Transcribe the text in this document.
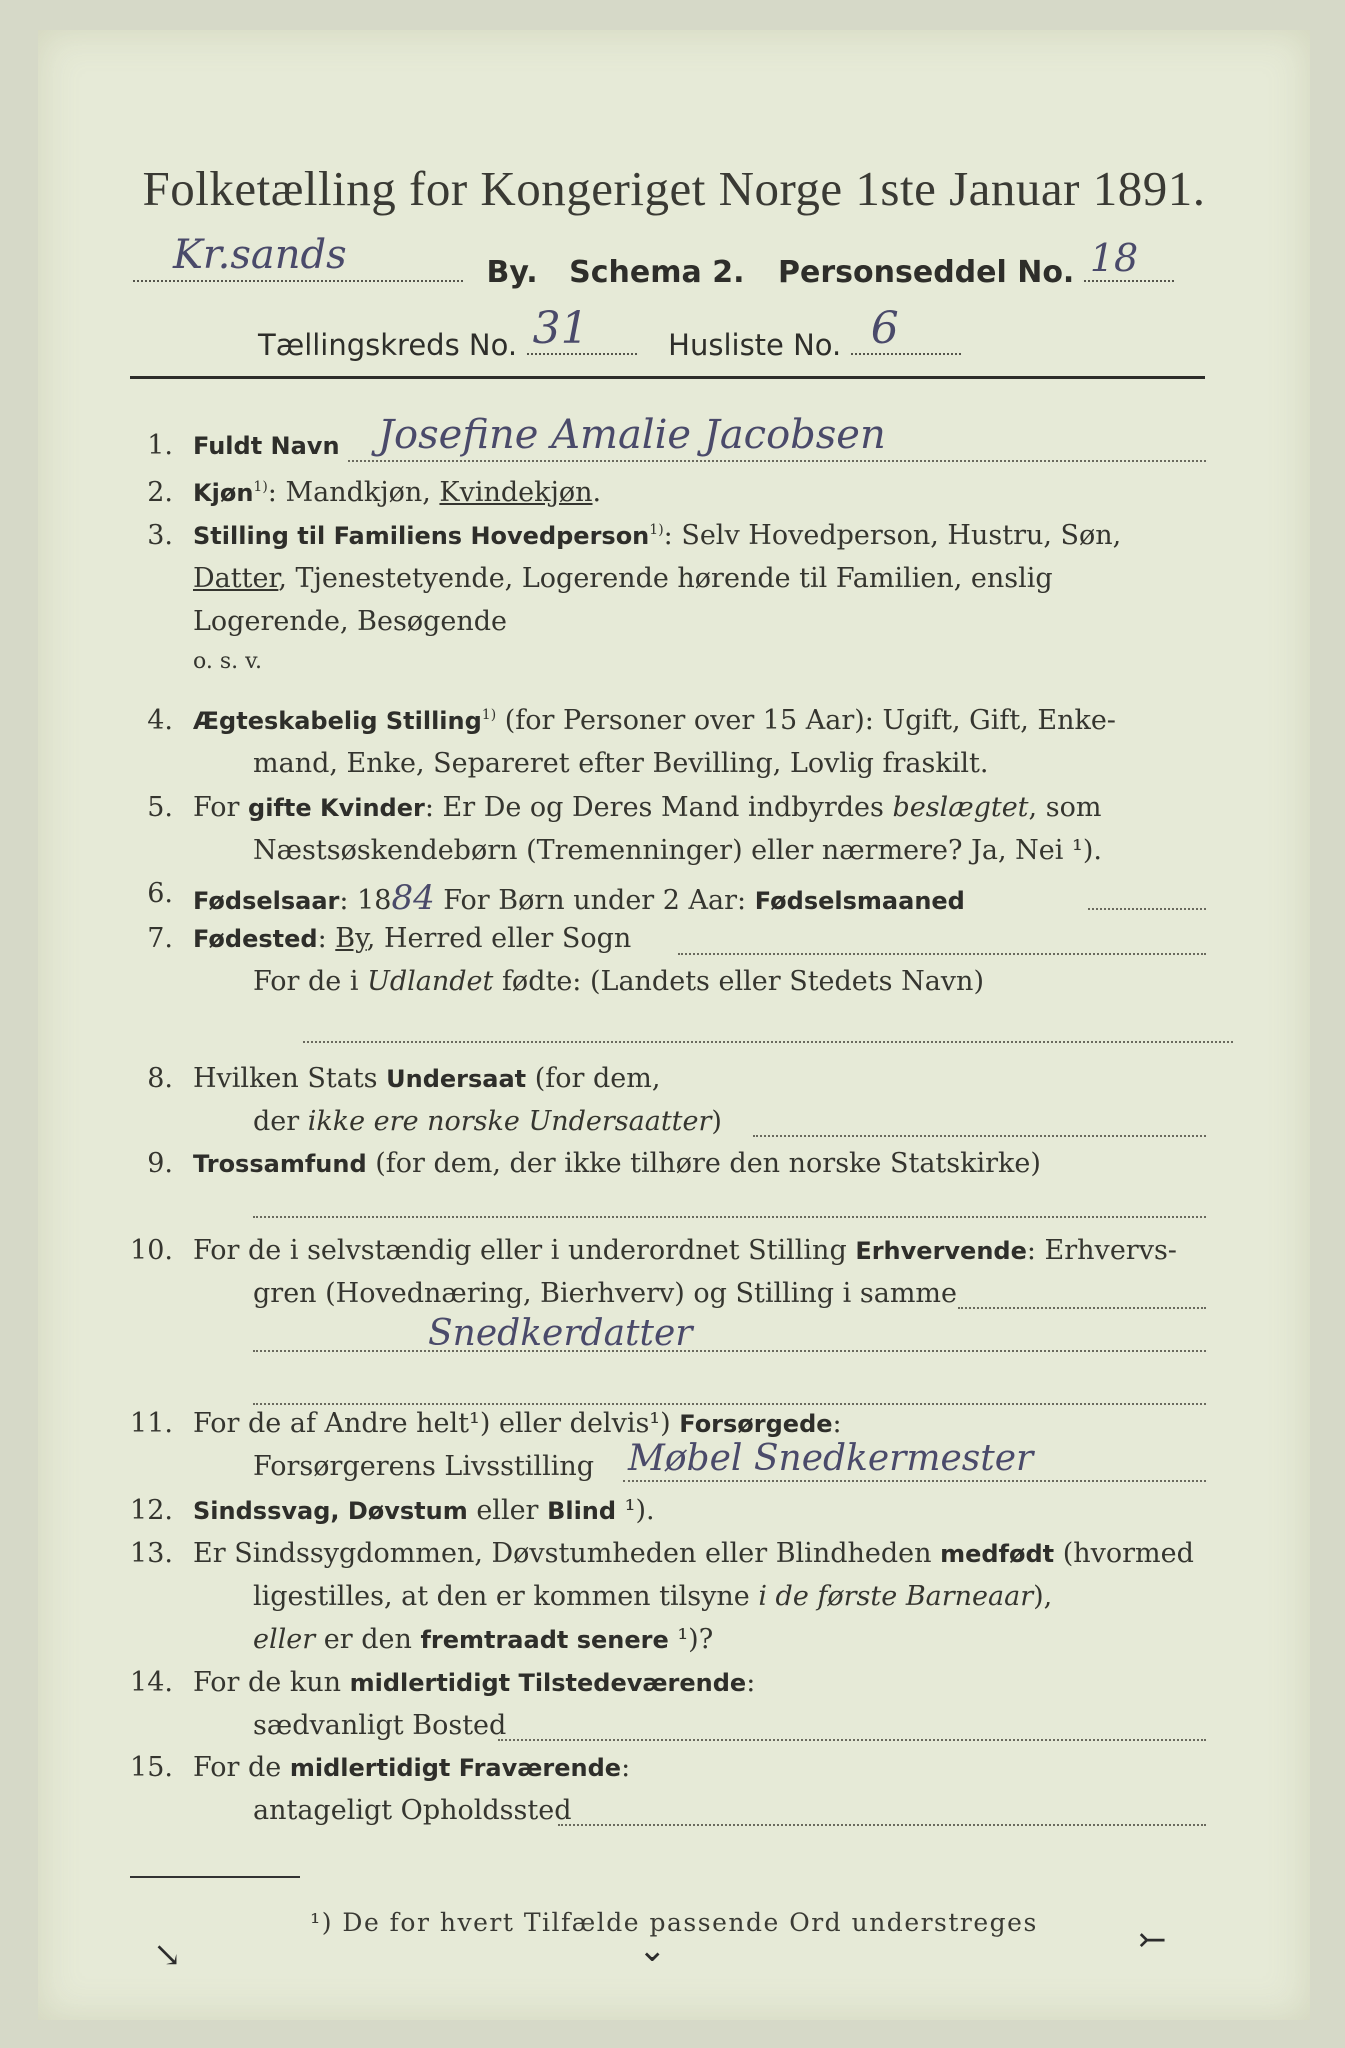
Folketælling for Kongeriget Norge 1ste Januar 1891.
Kr.sands	By. Schema 2. Personseddel No. 18
Tællingskreds No. 31	Husliste No. 6
1. Fuldt Navn Josefine Amalie Jacobsen
2. Kjøn$^{1)}$: Mandkjøn, Kvindekjøn.
3. Stilling til Familiens Hovedperson$^{1)}$: Selv Hovedperson, Hustru, Søn,
Datter, Tjenestetyende, Logerende hørende til Familien, enslig
Logerende, Besøgende
o. s. v.
4. Ægteskabelig Stilling$^{1)}$ (for Personer over 15 Aar): Ugift, Gift, Enke-
mand, Enke, Separeret efter Bevilling, Lovlig fraskilt.
5. For gifte Kvinder: Er De og Deres Mand indbyrdes beslægtet, som
Næstsøskendebørn (Tremenninger) eller nærmere? Ja, Nei ¹).
6. Fødselsaar: 1884 For Børn under 2 Aar: Fødselsmaaned
7. Fødested: By, Herred eller Sogn
For de i Udlandet fødte: (Landets eller Stedets Navn)
8. Hvilken Stats Undersaat (for dem,
der ikke ere norske Undersaatter)
9. Trossamfund (for dem, der ikke tilhøre den norske Statskirke)
10. For de i selvstændig eller i underordnet Stilling Erhvervende: Erhvervs-
gren (Hovednæring, Bierhverv) og Stilling i samme
Snedkerdatter
11. For de af Andre helt¹) eller delvis¹) Forsørgede:
Forsørgerens Livsstilling Møbel Snedkermester
12. Sindssvag, Døvstum eller Blind ¹).
13. Er Sindssygdommen, Døvstumheden eller Blindheden medfødt (hvormed
ligestilles, at den er kommen tilsyne i de første Barneaar),
eller er den fremtraadt senere ¹)?
14. For de kun midlertidigt Tilstedeværende:
sædvanligt Bosted
15. For de midlertidigt Fraværende:
antageligt Opholdssted
¹) De for hvert Tilfælde passende Ord understreges
↘	⌄	⤚
